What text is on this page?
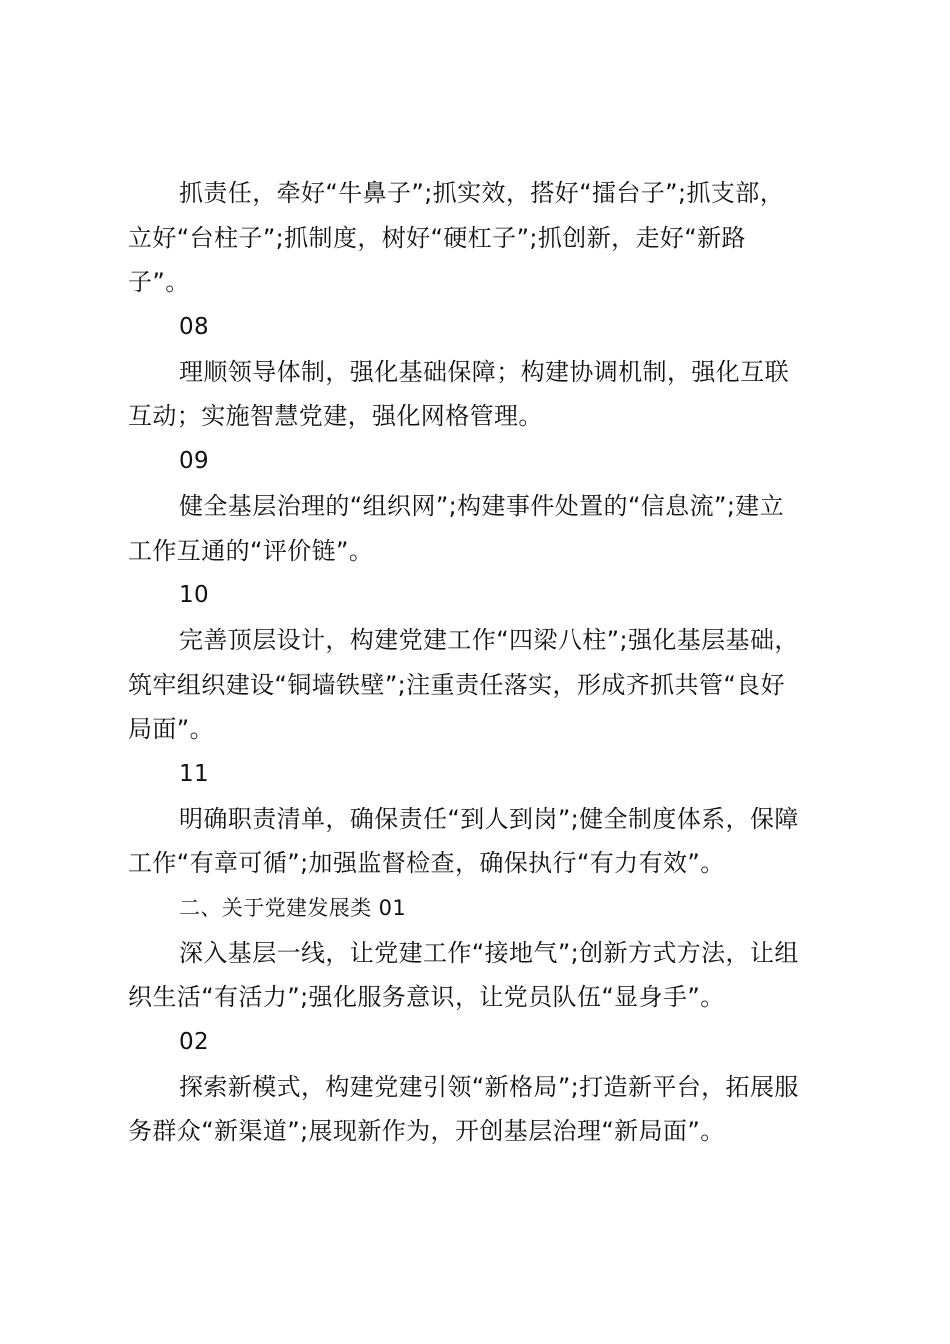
抓责任，牵好“牛鼻子”;抓实效，搭好“擂台子”;抓支部，
立好“台柱子”;抓制度，树好“硬杠子”;抓创新，走好“新路
子”。
08
理顺领导体制，强化基础保障；构建协调机制，强化互联
互动；实施智慧党建，强化网格管理。
09
健全基层治理的“组织网”;构建事件处置的“信息流”;建立
工作互通的“评价链”。
10
完善顶层设计，构建党建工作“四梁八柱”;强化基层基础，
筑牢组织建设“铜墙铁壁”;注重责任落实，形成齐抓共管“良好
局面”。
11
明确职责清单，确保责任“到人到岗”;健全制度体系，保障
工作“有章可循”;加强监督检查，确保执行“有力有效”。
二、关于党建发展类 01
深入基层一线，让党建工作“接地气”;创新方式方法，让组
织生活“有活力”;强化服务意识，让党员队伍“显身手”。
02
探索新模式，构建党建引领“新格局”;打造新平台，拓展服
务群众“新渠道”;展现新作为，开创基层治理“新局面”。
